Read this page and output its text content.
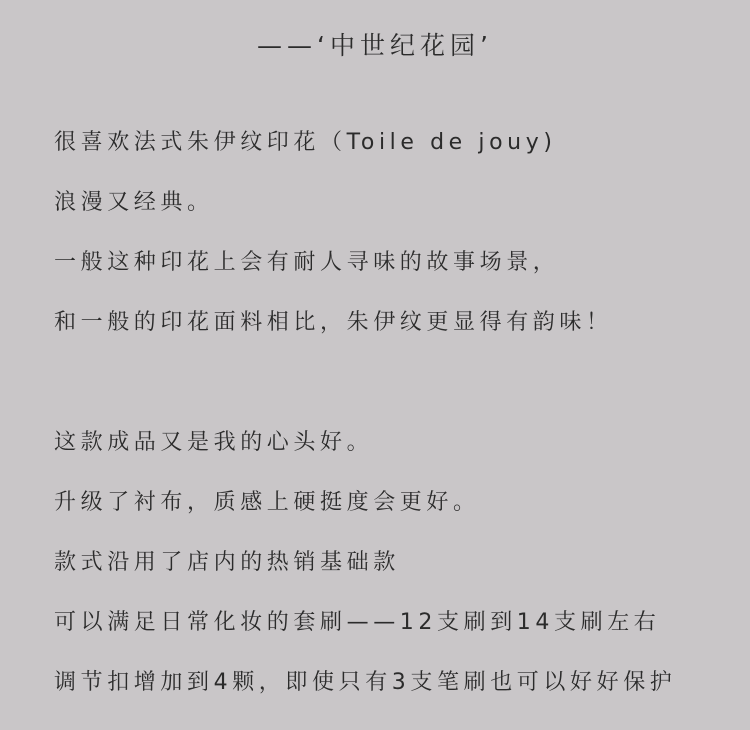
——‘中世纪花园’
很喜欢法式朱伊纹印花（Toile de jouy)
浪漫又经典。
一般这种印花上会有耐人寻味的故事场景，
和一般的印花面料相比，朱伊纹更显得有韵味！
这款成品又是我的心头好。
升级了衬布，质感上硬挺度会更好。
款式沿用了店内的热销基础款
可以满足日常化妆的套刷——12支刷到14支刷左右
调节扣增加到4颗，即使只有3支笔刷也可以好好保护
